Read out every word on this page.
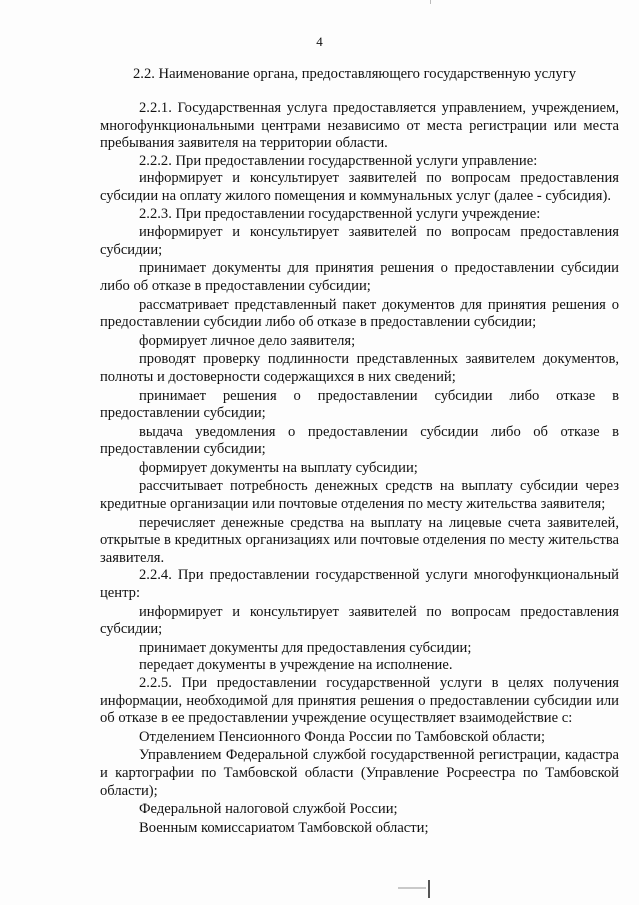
4
2.2. Наименование органа, предоставляющего государственную услугу

2.2.1. Государственная услуга предоставляется управлением, учреждением, многофункциональными центрами независимо от места регистрации или места пребывания заявителя на территории области.

2.2.2. При предоставлении государственной услуги управление:

информирует и консультирует заявителей по вопросам предоставления субсидии на оплату жилого помещения и коммунальных услуг (далее - субсидия).

2.2.3. При предоставлении государственной услуги учреждение:

информирует и консультирует заявителей по вопросам предоставления субсидии;

принимает документы для принятия решения о предоставлении субсидии либо об отказе в предоставлении субсидии;

рассматривает представленный пакет документов для принятия решения о предоставлении субсидии либо об отказе в предоставлении субсидии;

формирует личное дело заявителя;

проводят проверку подлинности представленных заявителем документов, полноты и достоверности содержащихся в них сведений;

принимает решения о предоставлении субсидии либо отказе в предоставлении субсидии;

выдача уведомления о предоставлении субсидии либо об отказе в предоставлении субсидии;

формирует документы на выплату субсидии;

рассчитывает потребность денежных средств на выплату субсидии через кредитные организации или почтовые отделения по месту жительства заявителя;

перечисляет денежные средства на выплату на лицевые счета заявителей, открытые в кредитных организациях или почтовые отделения по месту жительства заявителя.

2.2.4. При предоставлении государственной услуги многофункциональный центр:

информирует и консультирует заявителей по вопросам предоставления субсидии;

принимает документы для предоставления субсидии;

передает документы в учреждение на исполнение.

2.2.5. При предоставлении государственной услуги в целях получения информации, необходимой для принятия решения о предоставлении субсидии или об отказе в ее предоставлении учреждение осуществляет взаимодействие с:

Отделением Пенсионного Фонда России по Тамбовской области;

Управлением Федеральной службой государственной регистрации, кадастра и картографии по Тамбовской области (Управление Росреестра по Тамбовской области);

Федеральной налоговой службой России;

Военным комиссариатом Тамбовской области;
